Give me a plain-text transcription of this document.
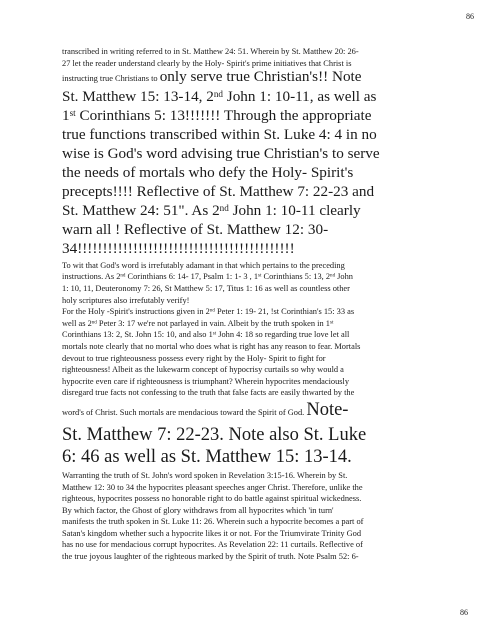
86

transcribed in writing referred to in St. Matthew 24: 51. Wherein by St. Matthew 20: 26-

27 let the reader understand clearly by the Holy- Spirit's prime initiatives that Christ is

instructing true Christians to only serve true Christian's!! Note

St. Matthew 15: 13-14, 2nd John 1: 10-11, as well as
1st Corinthians 5: 13!!!!!!! Through the appropriate
true functions transcribed within St. Luke 4: 4 in no
wise is God's word advising true Christian's to serve
the needs of mortals who defy the Holy- Spirit's
precepts!!!! Reflective of St. Matthew 7: 22-23 and
St. Matthew 24: 51". As 2nd John 1: 10-11 clearly
warn all ! Reflective of St. Matthew 12: 30-
34!!!!!!!!!!!!!!!!!!!!!!!!!!!!!!!!!!!!!!!!!!!

To wit that God's word is irrefutably adamant in that which pertains to the preceding

instructions. As 2nd Corinthians 6: 14- 17, Psalm 1: 1- 3 , 1st Corinthians 5: 13, 2nd John

1: 10, 11, Deuteronomy 7: 26, St Matthew 5: 17, Titus 1: 16 as well as countless other

holy scriptures also irrefutably verify!

For the Holy -Spirit's instructions given in 2nd Peter 1: 19- 21, !st Corinthian's 15: 33 as

well as 2nd Peter 3: 17 we're not parlayed in vain. Albeit by the truth spoken in 1st

Corinthians 13: 2, St. John 15: 10, and also 1st John 4: 18 so regarding true love let all

mortals note clearly that no mortal who does what is right has any reason to fear. Mortals

devout to true righteousness possess every right by the Holy- Spirit to fight for

righteousness! Albeit as the lukewarm concept of hypocrisy curtails so why would a

hypocrite even care if righteousness is triumphant? Wherein hypocrites mendaciously

disregard true facts not confessing to the truth that false facts are easily thwarted by the

word's of Christ. Such mortals are mendacious toward the Spirit of God. Note-

St. Matthew 7: 22-23. Note also St. Luke
6: 46 as well as St. Matthew 15: 13-14.

Warranting the truth of St. John's word spoken in Revelation 3:15-16. Wherein by St.

Matthew 12: 30 to 34 the hypocrites pleasant speeches anger Christ. Therefore, unlike the

righteous, hypocrites possess no honorable right to do battle against spiritual wickedness.

By which factor, the Ghost of glory withdraws from all hypocrites which 'in turn'

manifests the truth spoken in St. Luke 11: 26. Wherein such a hypocrite becomes a part of

Satan's kingdom whether such a hypocrite likes it or not. For the Triumvirate Trinity God

has no use for mendacious corrupt hypocrites. As Revelation 22: 11 curtails. Reflective of

the true joyous laughter of the righteous marked by the Spirit of truth. Note Psalm 52: 6-

86
